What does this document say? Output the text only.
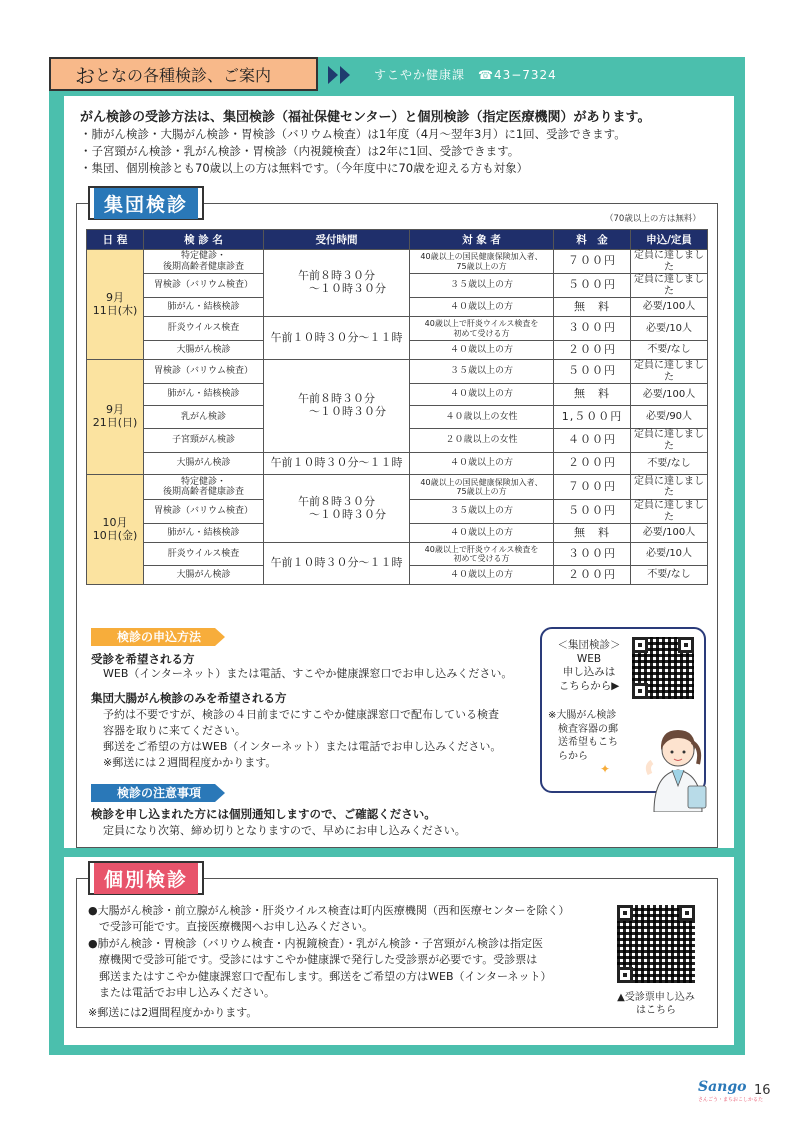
お となの各種検診、ご案内	すこやか健康課　☎43−7324
がん検診の受診方法は、集団検診（福祉保健センター）と個別検診（指定医療機関）があります。
・肺がん検診・大腸がん検診・胃検診（バリウム検査）は1年度（4月～翌年3月）に1回、受診できます。
・子宮頸がん検診・乳がん検診・胃検診（内視鏡検査）は2年に1回、受診できます。
・集団、個別検診とも70歳以上の方は無料です。（今年度中に70歳を迎える方も対象）
集団検診
（70歳以上の方は無料）
日 程	検 診 名	受付時間	対 象 者	料　金	申込/定員
9月
11日(木)	特定健診・
後期高齢者健康診査	午前８時３０分
　　～１０時３０分	40歳以上の国民健康保険加入者、
75歳以上の方	７００円	定員に達しました
	胃検診（バリウム検査）		３５歳以上の方	５００円	定員に達しました
	肺がん・結核検診		４０歳以上の方	無　料	必要/100人
	肝炎ウイルス検査	午前１０時３０分～１１時	40歳以上で肝炎ウイルス検査を
初めて受ける方	３００円	必要/10人
	大腸がん検診		４０歳以上の方	２００円	不要/なし
9月
21日(日)	胃検診（バリウム検査）	午前８時３０分
　　～１０時３０分	３５歳以上の方	５００円	定員に達しました
	肺がん・結核検診		４０歳以上の方	無　料	必要/100人
	乳がん検診		４０歳以上の女性	1,５００円	必要/90人
	子宮頸がん検診		２０歳以上の女性	４００円	定員に達しました
	大腸がん検診	午前１０時３０分～１１時	４０歳以上の方	２００円	不要/なし
10月
10日(金)	特定健診・
後期高齢者健康診査	午前８時３０分
　　～１０時３０分	40歳以上の国民健康保険加入者、
75歳以上の方	７００円	定員に達しました
	胃検診（バリウム検査）		３５歳以上の方	５００円	定員に達しました
	肺がん・結核検診		４０歳以上の方	無　料	必要/100人
	肝炎ウイルス検査	午前１０時３０分～１１時	40歳以上で肝炎ウイルス検査を
初めて受ける方	３００円	必要/10人
	大腸がん検診		４０歳以上の方	２００円	不要/なし
検診の申込方法
受診を希望される方
WEB（インターネット）または電話、すこやか健康課窓口でお申し込みください。
集団大腸がん検診のみを希望される方
予約は不要ですが、検診の４日前までにすこやか健康課窓口で配布している検査
容器を取りに来てください。
郵送をご希望の方はWEB（インターネット）または電話でお申し込みください。
※郵送には２週間程度かかります。
検診の注意事項
検診を申し込まれた方には個別通知しますので、ご確認ください。
定員になり次第、締め切りとなりますので、早めにお申し込みください。
＜集団検診＞
WEB
申し込みは
こちらから▶
※大腸がん検診
　検査容器の郵
　送希望もこち
　らから
✦
個別検診
●大腸がん検診・前立腺がん検診・肝炎ウイルス検査は町内医療機関（西和医療センターを除く）
　で受診可能です。直接医療機関へお申し込みください。
●肺がん検診・胃検診（バリウム検査・内視鏡検査）・乳がん検診・子宮頸がん検診は指定医
　療機関で受診可能です。受診にはすこやか健康課で発行した受診票が必要です。受診票は
　郵送またはすこやか健康課窓口で配布します。郵送をご希望の方はWEB（インターネット）
　または電話でお申し込みください。
※郵送には2週間程度かかります。
▲受診票申し込み
はこちら
Sango
さんごう・まちおこしかるた
16
